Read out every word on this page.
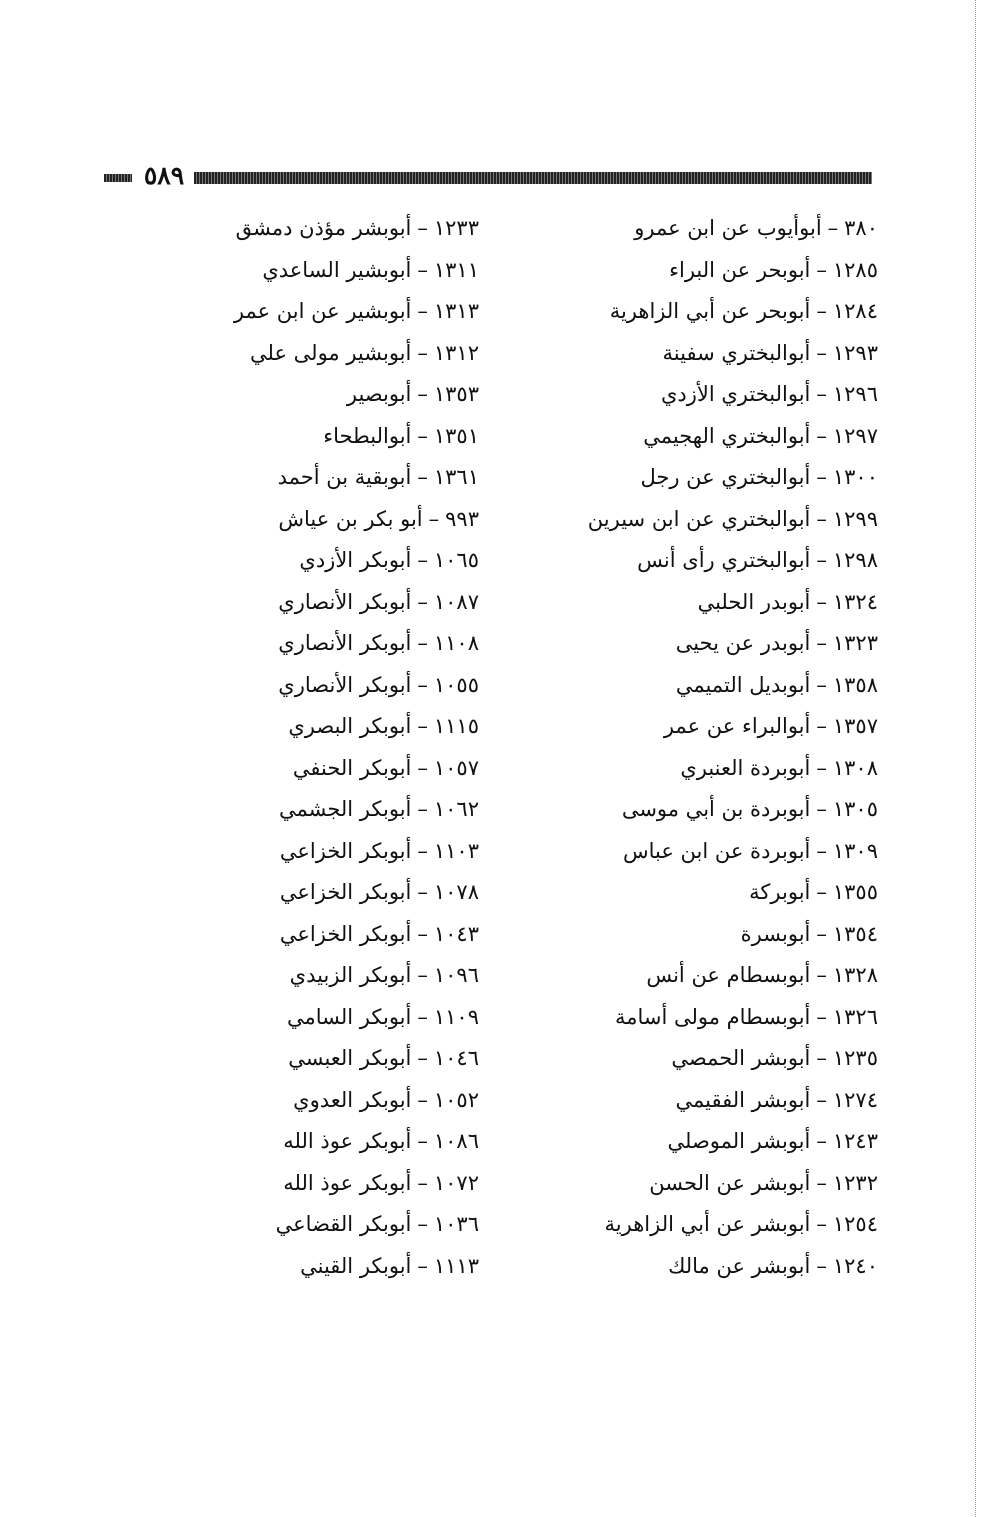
٥٨٩
٣٨٠–أبوأيوب عن ابن عمرو
١٢٨٥–أبوبحر عن البراء
١٢٨٤–أبوبحر عن أبي الزاهرية
١٢٩٣–أبوالبختري سفينة
١٢٩٦–أبوالبختري الأزدي
١٢٩٧–أبوالبختري الهجيمي
١٣٠٠–أبوالبختري عن رجل
١٢٩٩–أبوالبختري عن ابن سيرين
١٢٩٨–أبوالبختري رأى أنس
١٣٢٤–أبوبدر الحلبي
١٣٢٣–أبوبدر عن يحيى
١٣٥٨–أبوبديل التميمي
١٣٥٧–أبوالبراء عن عمر
١٣٠٨–أبوبردة العنبري
١٣٠٥–أبوبردة بن أبي موسى
١٣٠٩–أبوبردة عن ابن عباس
١٣٥٥–أبوبركة
١٣٥٤–أبوبسرة
١٣٢٨–أبوبسطام عن أنس
١٣٢٦–أبوبسطام مولى أسامة
١٢٣٥–أبوبشر الحمصي
١٢٧٤–أبوبشر الفقيمي
١٢٤٣–أبوبشر الموصلي
١٢٣٢–أبوبشر عن الحسن
١٢٥٤–أبوبشر عن أبي الزاهرية
١٢٤٠–أبوبشر عن مالك
١٢٣٣–أبوبشر مؤذن دمشق
١٣١١–أبوبشير الساعدي
١٣١٣–أبوبشير عن ابن عمر
١٣١٢–أبوبشير مولى علي
١٣٥٣–أبوبصير
١٣٥١–أبوالبطحاء
١٣٦١–أبوبقية بن أحمد
٩٩٣–أبو بكر بن عياش
١٠٦٥–أبوبكر الأزدي
١٠٨٧–أبوبكر الأنصاري
١١٠٨–أبوبكر الأنصاري
١٠٥٥–أبوبكر الأنصاري
١١١٥–أبوبكر البصري
١٠٥٧–أبوبكر الحنفي
١٠٦٢–أبوبكر الجشمي
١١٠٣–أبوبكر الخزاعي
١٠٧٨–أبوبكر الخزاعي
١٠٤٣–أبوبكر الخزاعي
١٠٩٦–أبوبكر الزبيدي
١١٠٩–أبوبكر السامي
١٠٤٦–أبوبكر العبسي
١٠٥٢–أبوبكر العدوي
١٠٨٦–أبوبكر عوذ الله
١٠٧٢–أبوبكر عوذ الله
١٠٣٦–أبوبكر القضاعي
١١١٣–أبوبكر القيني
